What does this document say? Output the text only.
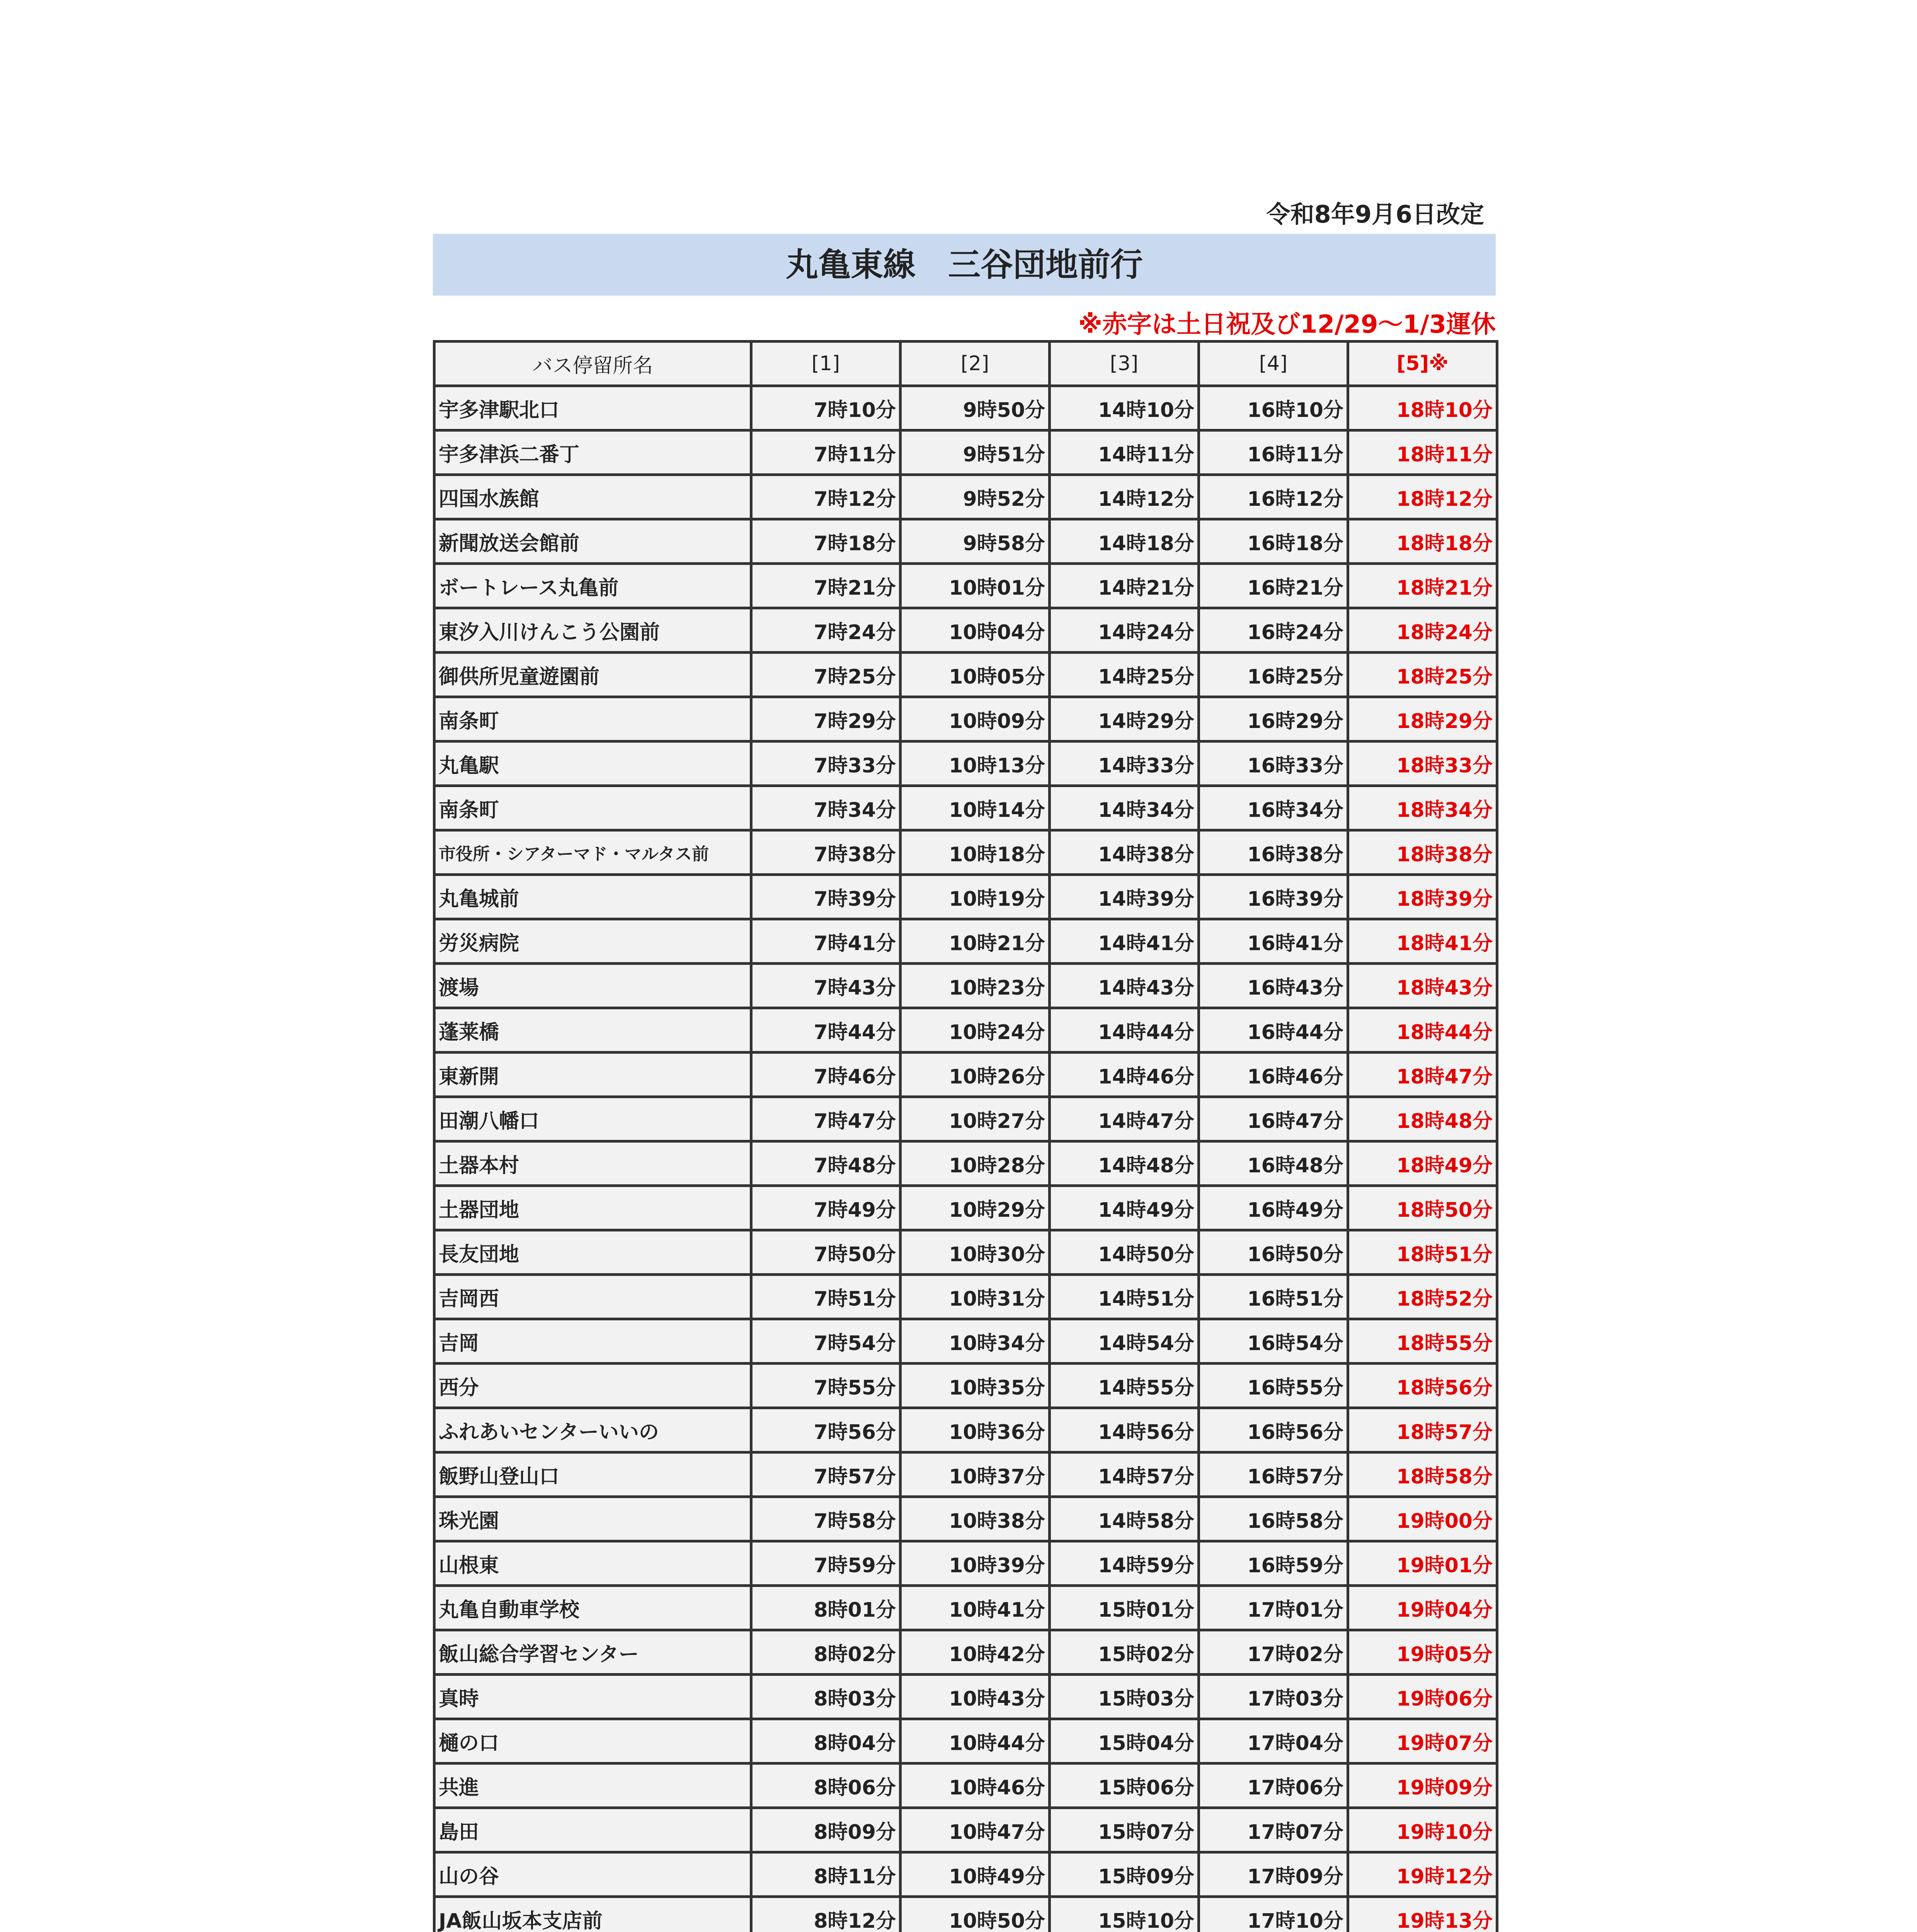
令和8年9月6日改定
丸亀東線　三谷団地前行
※赤字は土日祝及び12/29～1/3運休
バス停留所名	[1]	[2]	[3]	[4]	[5]※
宇多津駅北口	7時10分	9時50分	14時10分	16時10分	18時10分
宇多津浜二番丁	7時11分	9時51分	14時11分	16時11分	18時11分
四国水族館	7時12分	9時52分	14時12分	16時12分	18時12分
新聞放送会館前	7時18分	9時58分	14時18分	16時18分	18時18分
ボートレース丸亀前	7時21分	10時01分	14時21分	16時21分	18時21分
東汐入川けんこう公園前	7時24分	10時04分	14時24分	16時24分	18時24分
御供所児童遊園前	7時25分	10時05分	14時25分	16時25分	18時25分
南条町	7時29分	10時09分	14時29分	16時29分	18時29分
丸亀駅	7時33分	10時13分	14時33分	16時33分	18時33分
南条町	7時34分	10時14分	14時34分	16時34分	18時34分
市役所・シアターマド・マルタス前	7時38分	10時18分	14時38分	16時38分	18時38分
丸亀城前	7時39分	10時19分	14時39分	16時39分	18時39分
労災病院	7時41分	10時21分	14時41分	16時41分	18時41分
渡場	7時43分	10時23分	14時43分	16時43分	18時43分
蓬莱橋	7時44分	10時24分	14時44分	16時44分	18時44分
東新開	7時46分	10時26分	14時46分	16時46分	18時47分
田潮八幡口	7時47分	10時27分	14時47分	16時47分	18時48分
土器本村	7時48分	10時28分	14時48分	16時48分	18時49分
土器団地	7時49分	10時29分	14時49分	16時49分	18時50分
長友団地	7時50分	10時30分	14時50分	16時50分	18時51分
吉岡西	7時51分	10時31分	14時51分	16時51分	18時52分
吉岡	7時54分	10時34分	14時54分	16時54分	18時55分
西分	7時55分	10時35分	14時55分	16時55分	18時56分
ふれあいセンターいいの	7時56分	10時36分	14時56分	16時56分	18時57分
飯野山登山口	7時57分	10時37分	14時57分	16時57分	18時58分
珠光園	7時58分	10時38分	14時58分	16時58分	19時00分
山根東	7時59分	10時39分	14時59分	16時59分	19時01分
丸亀自動車学校	8時01分	10時41分	15時01分	17時01分	19時04分
飯山総合学習センター	8時02分	10時42分	15時02分	17時02分	19時05分
真時	8時03分	10時43分	15時03分	17時03分	19時06分
樋の口	8時04分	10時44分	15時04分	17時04分	19時07分
共進	8時06分	10時46分	15時06分	17時06分	19時09分
島田	8時09分	10時47分	15時07分	17時07分	19時10分
山の谷	8時11分	10時49分	15時09分	17時09分	19時12分
JA飯山坂本支店前	8時12分	10時50分	15時10分	17時10分	19時13分
